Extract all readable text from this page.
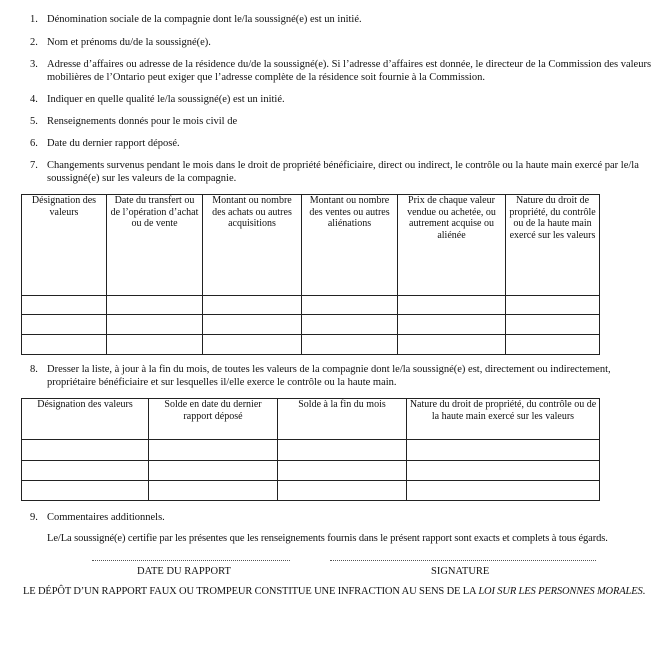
1. Dénomination sociale de la compagnie dont le/la soussigné(e) est un initié.
2. Nom et prénoms du/de la soussigné(e).
3. Adresse d’affaires ou adresse de la résidence du/de la soussigné(e). Si l’adresse d’affaires est donnée, le directeur de la Commission des valeurs mobilières de l’Ontario peut exiger que l’adresse complète de la résidence soit fournie à la Commission.
4. Indiquer en quelle qualité le/la soussigné(e) est un initié.
5. Renseignements donnés pour le mois civil de
6. Date du dernier rapport déposé.
7. Changements survenus pendant le mois dans le droit de propriété bénéficiaire, direct ou indirect, le contrôle ou la haute main exercé par le/la soussigné(e) sur les valeurs de la compagnie.
Désignation des valeurs	Date du transfert ou de l’opération d’achat ou de vente	Montant ou nombre des achats ou autres acquisitions	Montant ou nombre des ventes ou autres aliénations	Prix de chaque valeur vendue ou achetée, ou autrement acquise ou aliénée	Nature du droit de propriété, du contrôle ou de la haute main exercé sur les valeurs

8. Dresser la liste, à jour à la fin du mois, de toutes les valeurs de la compagnie dont le/la soussigné(e) est, directement ou indirectement, propriétaire bénéficiaire et sur lesquelles il/elle exerce le contrôle ou la haute main.
Désignation des valeurs	Solde en date du dernier rapport déposé	Solde à la fin du mois	Nature du droit de propriété, du contrôle ou de la haute main exercé sur les valeurs

9. Commentaires additionnels.
Le/La soussigné(e) certifie par les présentes que les renseignements fournis dans le présent rapport sont exacts et complets à tous égards.
DATE DU RAPPORT	SIGNATURE
LE DÉPÔT D’UN RAPPORT FAUX OU TROMPEUR CONSTITUE UNE INFRACTION AU SENS DE LA LOI SUR LES PERSONNES MORALES.
